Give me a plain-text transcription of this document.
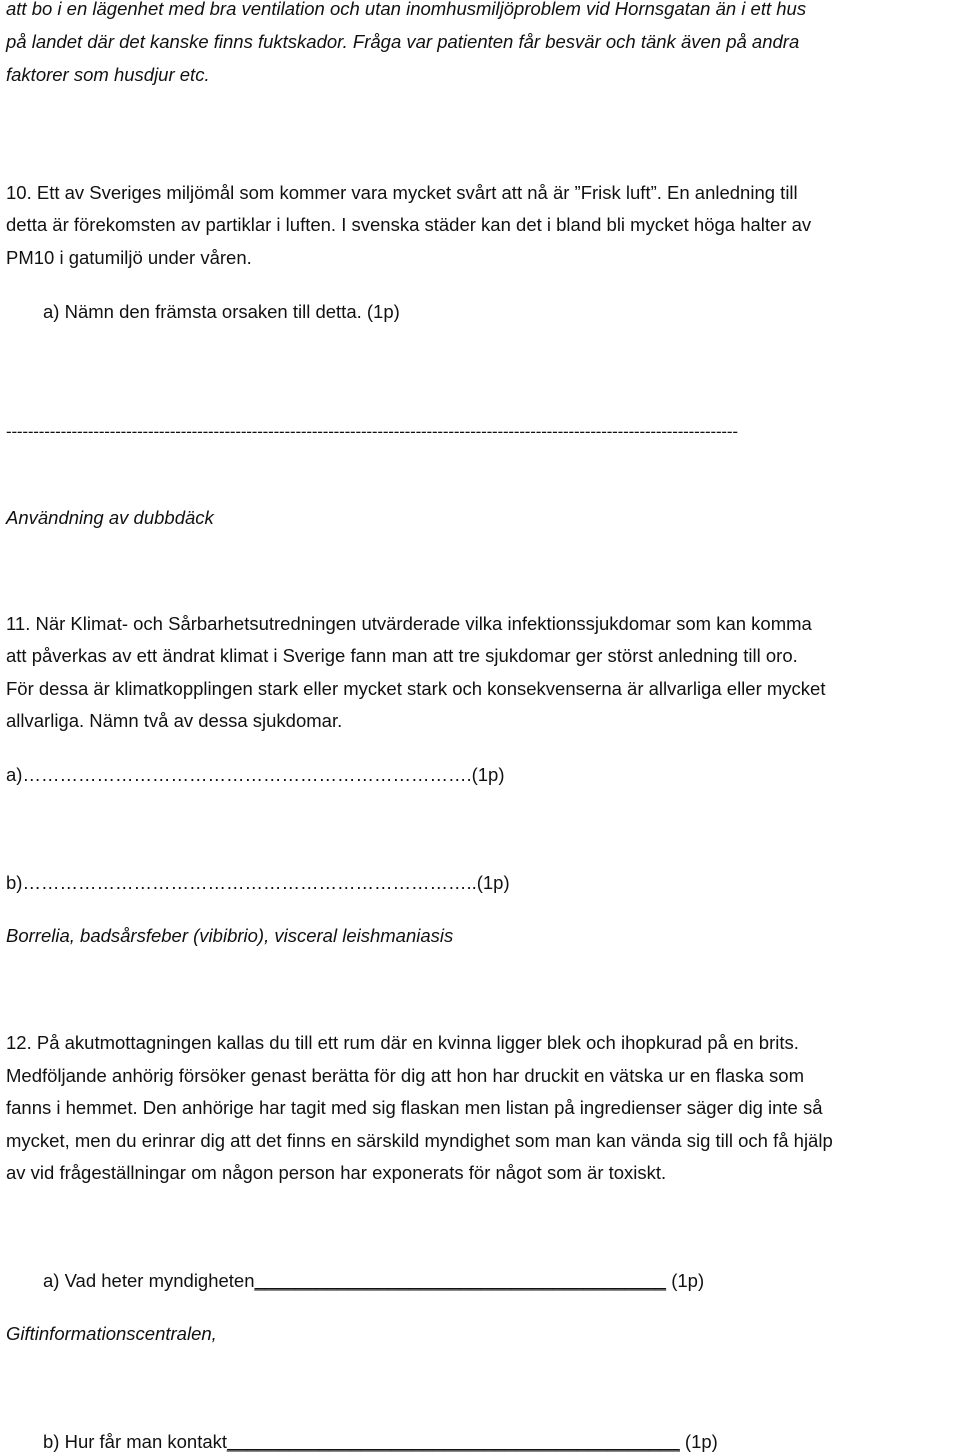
att bo i en lägenhet med bra ventilation och utan inomhusmiljöproblem vid Hornsgatan än i ett hus
på landet där det kanske finns fuktskador. Fråga var patienten får besvär och tänk även på andra
faktorer som husdjur etc.
10. Ett av Sveriges miljömål som kommer vara mycket svårt att nå är ”Frisk luft”. En anledning till
detta är förekomsten av partiklar i luften. I svenska städer kan det i bland bli mycket höga halter av
PM10 i gatumiljö under våren.
a) Nämn den främsta orsaken till detta. (1p)
--------------------------------------------------------------------------------------------------------------------------------------
Användning av dubbdäck
11. När Klimat- och Sårbarhetsutredningen utvärderade vilka infektionssjukdomar som kan komma
att påverkas av ett ändrat klimat i Sverige fann man att tre sjukdomar ger störst anledning till oro.
För dessa är klimatkopplingen stark eller mycket stark och konsekvenserna är allvarliga eller mycket
allvarliga. Nämn två av dessa sjukdomar.
a)……………………………………………………………….(1p)
b)………………………………………………………………..(1p)
Borrelia, badsårsfeber (vibibrio), visceral leishmaniasis
12. På akutmottagningen kallas du till ett rum där en kvinna ligger blek och ihopkurad på en brits.
Medföljande anhörig försöker genast berätta för dig att hon har druckit en vätska ur en flaska som
fanns i hemmet. Den anhörige har tagit med sig flaskan men listan på ingredienser säger dig inte så
mycket, men du erinrar dig att det finns en särskild myndighet som man kan vända sig till och få hjälp
av vid frågeställningar om någon person har exponerats för något som är toxiskt.
a) Vad heter myndigheten________________________________________ (1p)
Giftinformationscentralen,
b) Hur får man kontakt____________________________________________ (1p)
